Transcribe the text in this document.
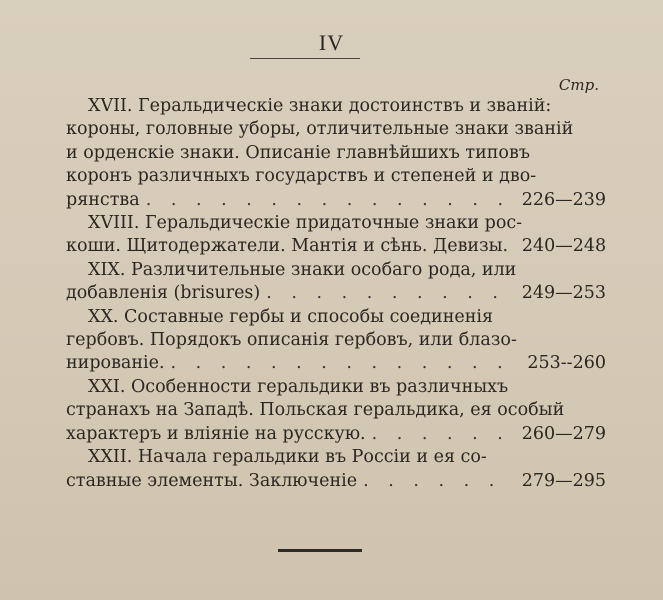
IV
Стр.
XVII. Геральдическіе знаки достоинствъ и званій:
короны, головные уборы, отличительные знаки званій
и орденскіе знаки. Описаніе главнѣйшихъ типовъ
коронъ различныхъ государствъ и степеней и дво-
рянства . . .	226—239
XVIII. Геральдическіе придаточные знаки рос-
коши. Щитодержатели. Мантія и сѣнь. Девизы. 240—248
XIX. Различительные знаки особаго рода, или
добавленія (brisures) . . .	249—253
XX. Составные гербы и способы соединенія
гербовъ. Порядокъ описанія гербовъ, или блазо-
нированіе. . . .	253-‑260
XXI. Особенности геральдики въ различныхъ
странахъ на Западѣ. Польская геральдика, ея особый
характеръ и вліяніе на русскую. . . .	260—279
XXII. Начала геральдики въ Россіи и ея со-
ставные элементы. Заключеніе . . .	279—295
